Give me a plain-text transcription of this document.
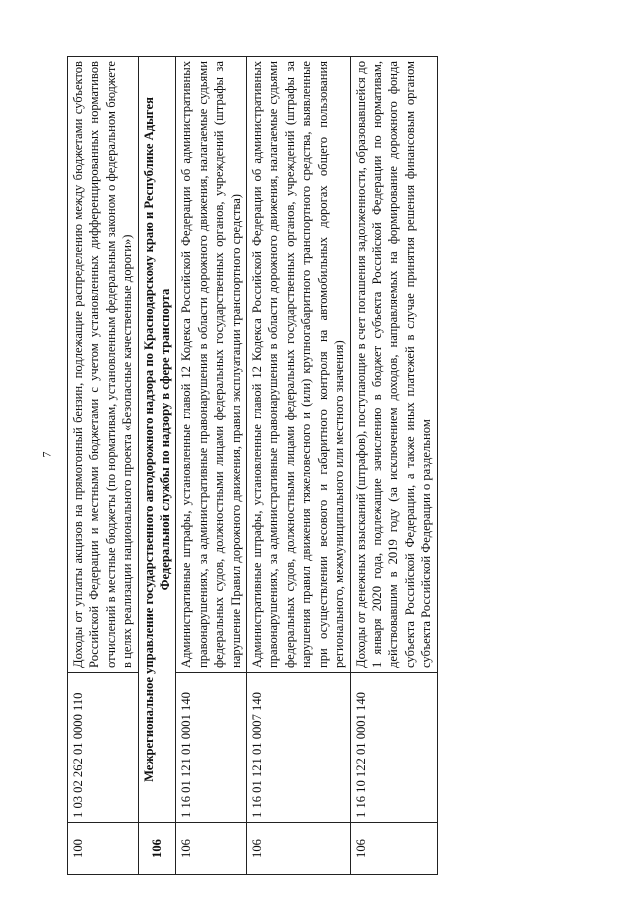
7
100	1 03 02 262 01 0000 110	Доходы от уплаты акцизов на прямогонный бензин, подлежащие распределению между бюджетами субъектов Российской Федерации и местными бюджетами с учетом установленных дифференцированных нормативов отчислений в местные бюджеты (по нормативам, установленным федеральным законом о федеральном бюджете в целях реализации национального проекта «Безопасные качественные дороги»)
106	Межрегиональное управление государственного автодорожного надзора по Краснодарскому краю и Республике Адыгея Федеральной службы по надзору в сфере транспорта	
106	1 16 01 121 01 0001 140	Административные штрафы, установленные главой 12 Кодекса Российской Федерации об административных правонарушениях, за административные правонарушения в области дорожного движения, налагаемые судьями федеральных судов, должностными лицами федеральных государственных органов, учреждений (штрафы за нарушение Правил дорожного движения, правил эксплуатации транспортного средства)
106	1 16 01 121 01 0007 140	Административные штрафы, установленные главой 12 Кодекса Российской Федерации об административных правонарушениях, за административные правонарушения в области дорожного движения, налагаемые судьями федеральных судов, должностными лицами федеральных государственных органов, учреждений (штрафы за нарушения правил движения тяжеловесного и (или) крупногабаритного транспортного средства, выявленные при осуществлении весового и габаритного контроля на автомобильных дорогах общего пользования регионального, межмуниципального или местного значения)
106	1 16 10 122 01 0001 140	Доходы от денежных взысканий (штрафов), поступающие в счет погашения задолженности, образовавшейся до 1 января 2020 года, подлежащие зачислению в бюджет субъекта Российской Федерации по нормативам, действовавшим в 2019 году (за исключением доходов, направляемых на формирование дорожного фонда субъекта Российской Федерации, а также иных платежей в случае принятия решения финансовым органом субъекта Российской Федерации о раздельном
